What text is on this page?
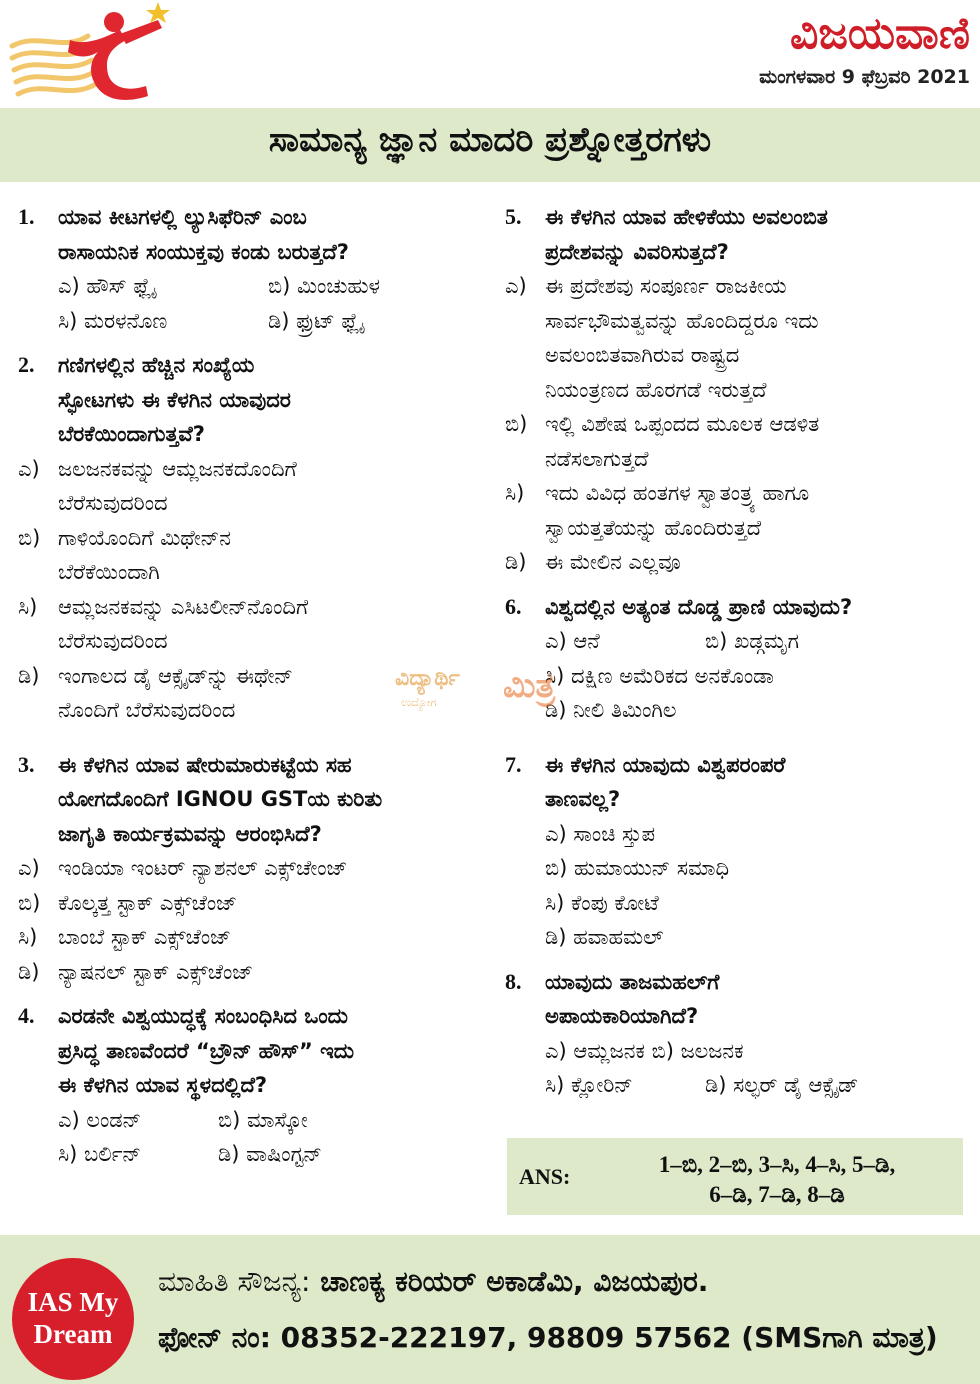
ವಿಜಯವಾಣಿ
ಮಂಗಳವಾರ 9 ಫೆಬ್ರವರಿ 2021
ಸಾಮಾನ್ಯ ಜ್ಞಾನ ಮಾದರಿ ಪ್ರಶ್ನೋತ್ತರಗಳು
1.	ಯಾವ ಕೀಟಗಳಲ್ಲಿ ಲ್ಯುಸಿಫೆರಿನ್ ಎಂಬ
ರಾಸಾಯನಿಕ ಸಂಯುಕ್ತವು ಕಂಡು ಬರುತ್ತದೆ?
ಎ) ಹೌಸ್ ಫ್ಲೈ	ಬಿ) ಮಿಂಚುಹುಳ
ಸಿ) ಮರಳನೊಣ	ಡಿ) ಫ್ರುಟ್ ಫ್ಲೈ
2.	ಗಣಿಗಳಲ್ಲಿನ ಹೆಚ್ಚಿನ ಸಂಖ್ಯೆಯ
ಸ್ಫೋಟಗಳು ಈ ಕೆಳಗಿನ ಯಾವುದರ
ಬೆರಕೆಯಿಂದಾಗುತ್ತವೆ?
ಎ) ಜಲಜನಕವನ್ನು ಆಮ್ಲಜನಕದೊಂದಿಗೆ
ಬೆರೆಸುವುದರಿಂದ
ಬಿ) ಗಾಳಿಯೊಂದಿಗೆ ಮಿಥೇನ್‌ನ
ಬೆರೆಕೆಯಿಂದಾಗಿ
ಸಿ) ಆಮ್ಲಜನಕವನ್ನು ಎಸಿಟಲೀನ್‌ನೊಂದಿಗೆ
ಬೆರೆಸುವುದರಿಂದ
ಡಿ) ಇಂಗಾಲದ ಡೈ ಆಕ್ಸೈಡ್‌ನ್ನು ಈಥೇನ್
ನೊಂದಿಗೆ ಬೆರೆಸುವುದರಿಂದ
3.	ಈ ಕೆಳಗಿನ ಯಾವ ಷೇರುಮಾರುಕಟ್ಟೆಯ ಸಹ
ಯೋಗದೊಂದಿಗೆ IGNOU GSTಯ ಕುರಿತು
ಜಾಗೃತಿ ಕಾರ್ಯಕ್ರಮವನ್ನು ಆರಂಭಿಸಿದೆ?
ಎ) ಇಂಡಿಯಾ ಇಂಟರ್ ನ್ಯಾಶನಲ್ ಎಕ್ಸ್‌ಚೇಂಜ್
ಬಿ) ಕೊಲ್ಕತ್ತ ಸ್ಟಾಕ್ ಎಕ್ಸ್‌ಚೆಂಜ್
ಸಿ) ಬಾಂಬೆ ಸ್ಟಾಕ್ ಎಕ್ಸ್‌ಚೆಂಜ್
ಡಿ) ನ್ಯಾಷನಲ್ ಸ್ಟಾಕ್ ಎಕ್ಸ್‌ಚೆಂಜ್
4.	ಎರಡನೇ ವಿಶ್ವಯುದ್ಧಕ್ಕೆ ಸಂಬಂಧಿಸಿದ ಒಂದು
ಪ್ರಸಿದ್ಧ ತಾಣವೆಂದರೆ “ಬ್ರೌನ್ ಹೌಸ್” ಇದು
ಈ ಕೆಳಗಿನ ಯಾವ ಸ್ಥಳದಲ್ಲಿದೆ?
ಎ) ಲಂಡನ್	ಬಿ) ಮಾಸ್ಕೋ
ಸಿ) ಬರ್ಲಿನ್	ಡಿ) ವಾಷಿಂಗ್ಟನ್
5.	ಈ ಕೆಳಗಿನ ಯಾವ ಹೇಳಿಕೆಯು ಅವಲಂಬಿತ
ಪ್ರದೇಶವನ್ನು ವಿವರಿಸುತ್ತದೆ?
ಎ) ಈ ಪ್ರದೇಶವು ಸಂಪೂರ್ಣ ರಾಜಕೀಯ
ಸಾರ್ವಭೌಮತ್ವವನ್ನು ಹೊಂದಿದ್ದರೂ ಇದು
ಅವಲಂಬಿತವಾಗಿರುವ ರಾಷ್ಟ್ರದ
ನಿಯಂತ್ರಣದ ಹೊರಗಡೆ ಇರುತ್ತದೆ
ಬಿ) ಇಲ್ಲಿ ವಿಶೇಷ ಒಪ್ಪಂದದ ಮೂಲಕ ಆಡಳಿತ
ನಡೆಸಲಾಗುತ್ತದೆ
ಸಿ) ಇದು ವಿವಿಧ ಹಂತಗಳ ಸ್ವಾತಂತ್ರ್ಯ ಹಾಗೂ
ಸ್ವಾಯತ್ತತೆಯನ್ನು ಹೊಂದಿರುತ್ತದೆ
ಡಿ) ಈ ಮೇಲಿನ ಎಲ್ಲವೂ
6.	ವಿಶ್ವದಲ್ಲಿನ ಅತ್ಯಂತ ದೊಡ್ಡ ಪ್ರಾಣಿ ಯಾವುದು?
ಎ) ಆನೆ	ಬಿ) ಖಡ್ಗಮೃಗ
ಸಿ) ದಕ್ಷಿಣ ಅಮೆರಿಕದ ಅನಕೊಂಡಾ
ಡಿ) ನೀಲಿ ತಿಮಿಂಗಿಲ
7.	ಈ ಕೆಳಗಿನ ಯಾವುದು ವಿಶ್ವಪರಂಪರೆ
ತಾಣವಲ್ಲ?
ಎ) ಸಾಂಚಿ ಸ್ತುಪ
ಬಿ) ಹುಮಾಯುನ್ ಸಮಾಧಿ
ಸಿ) ಕೆಂಪು ಕೋಟೆ
ಡಿ) ಹವಾಹಮಲ್
8.	ಯಾವುದು ತಾಜಮಹಲ್‌ಗೆ
ಅಪಾಯಕಾರಿಯಾಗಿದೆ?
ಎ) ಆಮ್ಲಜನಕ ಬಿ) ಜಲಜನಕ
ಸಿ) ಕ್ಲೋರಿನ್	ಡಿ) ಸಲ್ಫರ್ ಡೈ ಆಕ್ಸೈಡ್
ವಿದ್ಯಾರ್ಥಿ
ಉದ್ಯೋಗ ಮಿತ್ರ
ANS:	1–ಬಿ, 2–ಬಿ, 3–ಸಿ, 4–ಸಿ, 5–ಡಿ,
6–ಡಿ, 7–ಡಿ, 8–ಡಿ
IAS My
Dream
ಮಾಹಿತಿ ಸೌಜನ್ಯ: ಚಾಣಕ್ಯ ಕರಿಯರ್ ಅಕಾಡೆಮಿ, ವಿಜಯಪುರ.
ಫೋನ್ ನಂ: 08352-222197, 98809 57562 (SMSಗಾಗಿ ಮಾತ್ರ)
